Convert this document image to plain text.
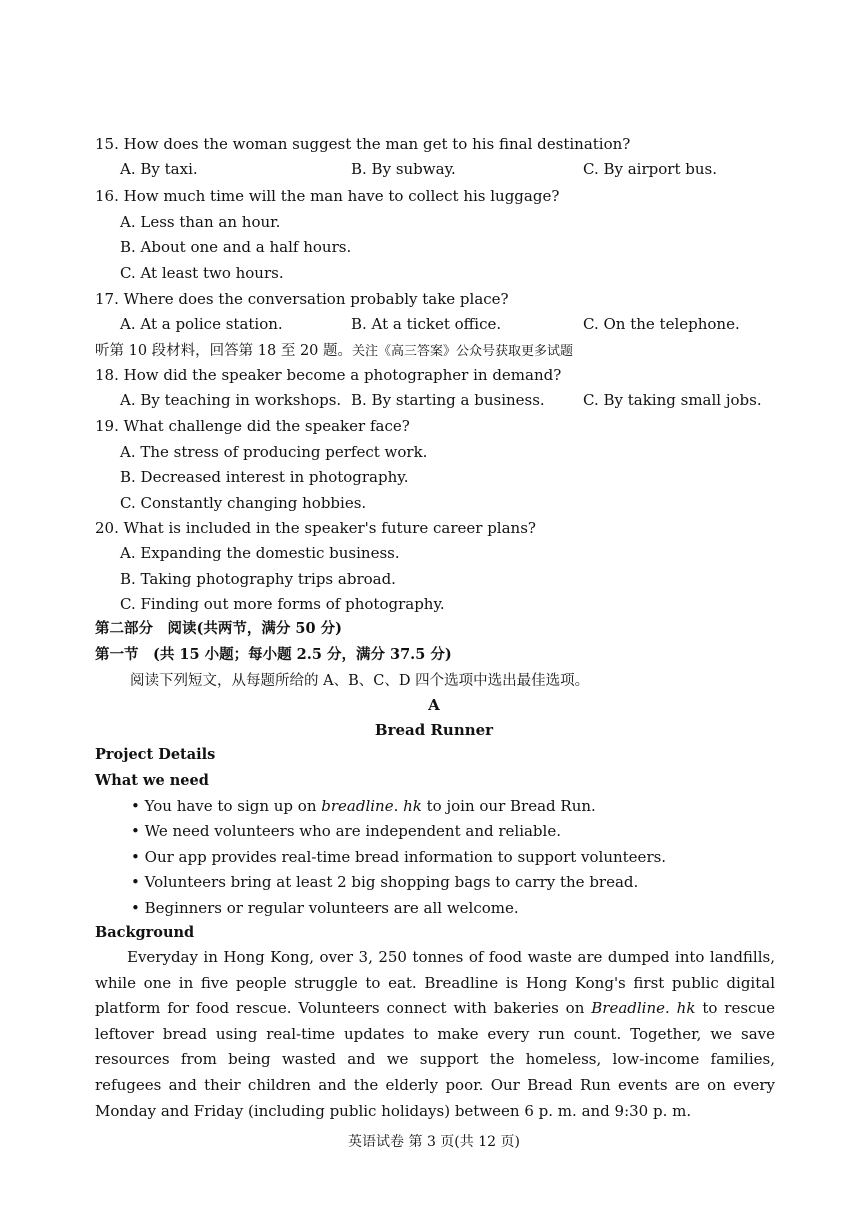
15. How does the woman suggest the man get to his final destination?
A. By taxi.	B. By subway.	C. By airport bus.
16. How much time will the man have to collect his luggage?
A. Less than an hour.
B. About one and a half hours.
C. At least two hours.
17. Where does the conversation probably take place?
A. At a police station.	B. At a ticket office.	C. On the telephone.
听第 10 段材料，回答第 18 至 20 题。关注《高三答案》公众号获取更多试题
18. How did the speaker become a photographer in demand?
A. By teaching in workshops. B. By starting a business.	C. By taking small jobs.
19. What challenge did the speaker face?
A. The stress of producing perfect work.
B. Decreased interest in photography.
C. Constantly changing hobbies.
20. What is included in the speaker's future career plans?
A. Expanding the domestic business.
B. Taking photography trips abroad.
C. Finding out more forms of photography.
第二部分　阅读(共两节，满分 50 分)
第一节　(共 15 小题；每小题 2.5 分，满分 37.5 分)
阅读下列短文，从每题所给的 A、B、C、D 四个选项中选出最佳选项。
A
Bread Runner
Project Details
What we need
• You have to sign up on breadline. hk to join our Bread Run.
• We need volunteers who are independent and reliable.
• Our app provides real-time bread information to support volunteers.
• Volunteers bring at least 2 big shopping bags to carry the bread.
• Beginners or regular volunteers are all welcome.
Background

Everyday in Hong Kong, over 3, 250 tonnes of food waste are dumped into landfills, while one in five people struggle to eat. Breadline is Hong Kong's first public digital platform for food rescue. Volunteers connect with bakeries on Breadline. hk to rescue leftover bread using real-time updates to make every run count. Together, we save resources from being wasted and we support the homeless, low-income families, refugees and their children and the elderly poor. Our Bread Run events are on every Monday and Friday (including public holidays) between 6 p. m. and 9:30 p. m.

英语试卷 第 3 页(共 12 页)
